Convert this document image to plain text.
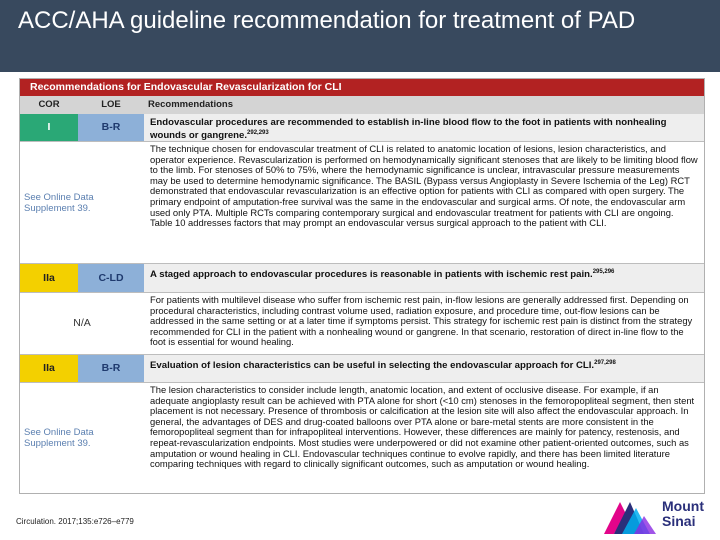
ACC/AHA guideline recommendation for treatment of PAD
Recommendations for Endovascular Revascularization for CLI
COR	LOE	Recommendations
I	B-R	Endovascular procedures are recommended to establish in-line blood flow to the foot in patients with nonhealing wounds or gangrene.$^{292,293}$
See Online Data Supplement 39.
The technique chosen for endovascular treatment of CLI is related to anatomic location of lesions, lesion characteristics, and operator experience. Revascularization is performed on hemodynamically significant stenoses that are likely to be limiting blood flow to the limb. For stenoses of 50% to 75%, where the hemodynamic significance is unclear, intravascular pressure measurements may be used to determine hemodynamic significance. The BASIL (Bypass versus Angioplasty in Severe Ischemia of the Leg) RCT demonstrated that endovascular revascularization is an effective option for patients with CLI as compared with open surgery. The primary endpoint of amputation-free survival was the same in the endovascular and surgical arms. Of note, the endovascular arm used only PTA. Multiple RCTs comparing contemporary surgical and endovascular treatment for patients with CLI are ongoing. Table 10 addresses factors that may prompt an endovascular versus surgical approach to the patient with CLI.
IIa	C-LD	A staged approach to endovascular procedures is reasonable in patients with ischemic rest pain.$^{295,296}$
N/A
For patients with multilevel disease who suffer from ischemic rest pain, in-flow lesions are generally addressed first. Depending on procedural characteristics, including contrast volume used, radiation exposure, and procedure time, out-flow lesions can be addressed in the same setting or at a later time if symptoms persist. This strategy for ischemic rest pain is distinct from the strategy recommended for CLI in the patient with a nonhealing wound or gangrene. In that scenario, restoration of direct in-line flow to the foot is essential for wound healing.
IIa	B-R	Evaluation of lesion characteristics can be useful in selecting the endovascular approach for CLI.$^{297,298}$
See Online Data Supplement 39.
The lesion characteristics to consider include length, anatomic location, and extent of occlusive disease. For example, if an adequate angioplasty result can be achieved with PTA alone for short (<10 cm) stenoses in the femoropopliteal segment, then stent placement is not necessary. Presence of thrombosis or calcification at the lesion site will also affect the endovascular approach. In general, the advantages of DES and drug-coated balloons over PTA alone or bare-metal stents are more consistent in the femoropopliteal segment than for infrapopliteal interventions. However, these differences are mainly for patency, restenosis, and repeat-revascularization endpoints. Most studies were underpowered or did not examine other patient-oriented outcomes, such as amputation or wound healing in CLI. Endovascular techniques continue to evolve rapidly, and there has been limited literature comparing techniques with regard to clinically significant outcomes, such as amputation or wound healing.
Circulation. 2017;135:e726–e779
Mount
Sinai
